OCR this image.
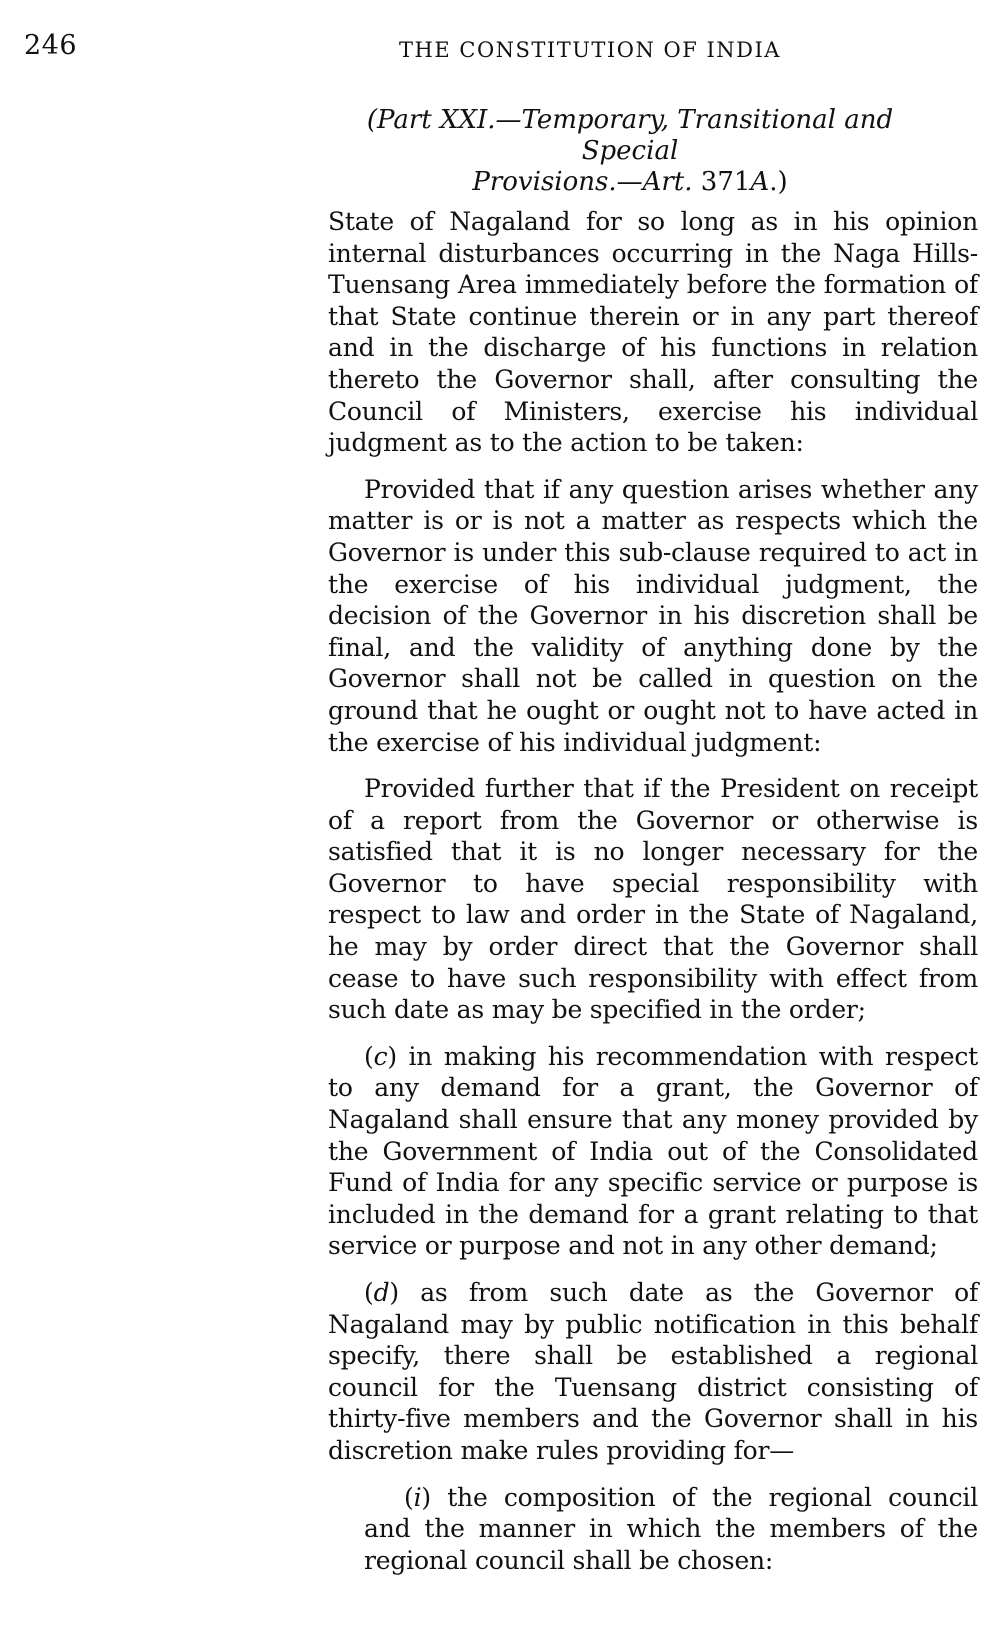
246	THE CONSTITUTION OF INDIA
(Part XXI.—Temporary, Transitional and Special
Provisions.—Art. 371A.)

State of Nagaland for so long as in his opinion internal disturbances occurring in the Naga Hills-Tuensang Area immediately before the formation of that State continue therein or in any part thereof and in the discharge of his functions in relation thereto the Governor shall, after consulting the Council of Ministers, exercise his individual judgment as to the action to be taken:

Provided that if any question arises whether any matter is or is not a matter as respects which the Governor is under this sub-clause required to act in the exercise of his individual judgment, the decision of the Governor in his discretion shall be final, and the validity of anything done by the Governor shall not be called in question on the ground that he ought or ought not to have acted in the exercise of his individual judgment:

Provided further that if the President on receipt of a report from the Governor or otherwise is satisfied that it is no longer necessary for the Governor to have special responsibility with respect to law and order in the State of Nagaland, he may by order direct that the Governor shall cease to have such responsibility with effect from such date as may be specified in the order;

(c) in making his recommendation with respect to any demand for a grant, the Governor of Nagaland shall ensure that any money provided by the Government of India out of the Consolidated Fund of India for any specific service or purpose is included in the demand for a grant relating to that service or purpose and not in any other demand;

(d) as from such date as the Governor of Nagaland may by public notification in this behalf specify, there shall be established a regional council for the Tuensang district consisting of thirty-five members and the Governor shall in his discretion make rules providing for—

(i) the composition of the regional council and the manner in which the members of the regional council shall be chosen:
